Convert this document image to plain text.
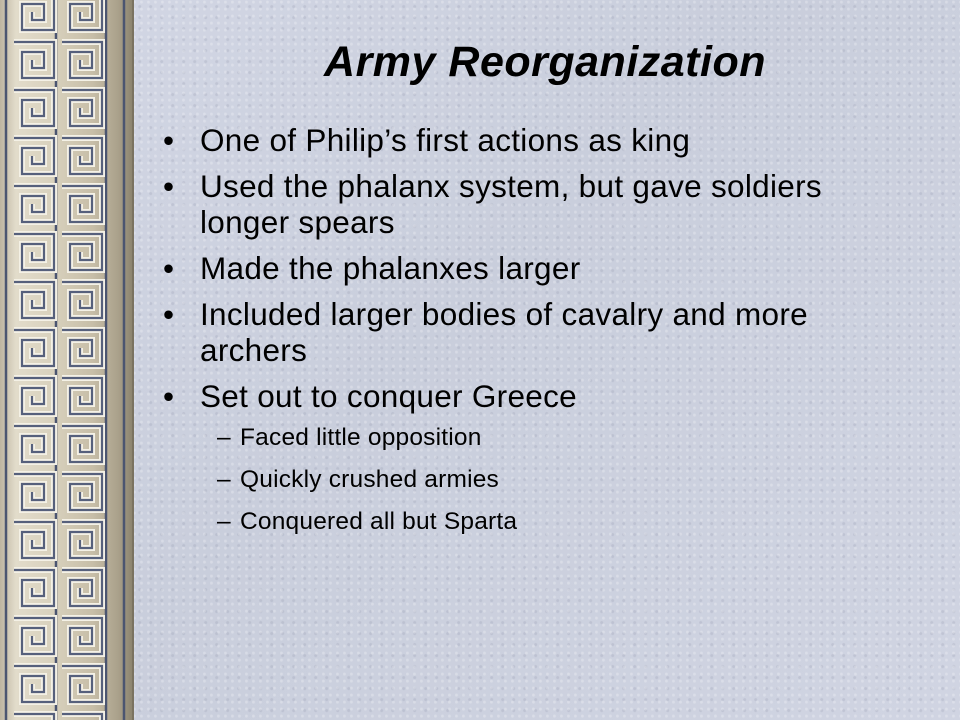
Army Reorganization
• One of Philip’s first actions as king
• Used the phalanx system, but gave soldiers longer spears
• Made the phalanxes larger
• Included larger bodies of cavalry and more archers
• Set out to conquer Greece
– Faced little opposition
– Quickly crushed armies
– Conquered all but Sparta
